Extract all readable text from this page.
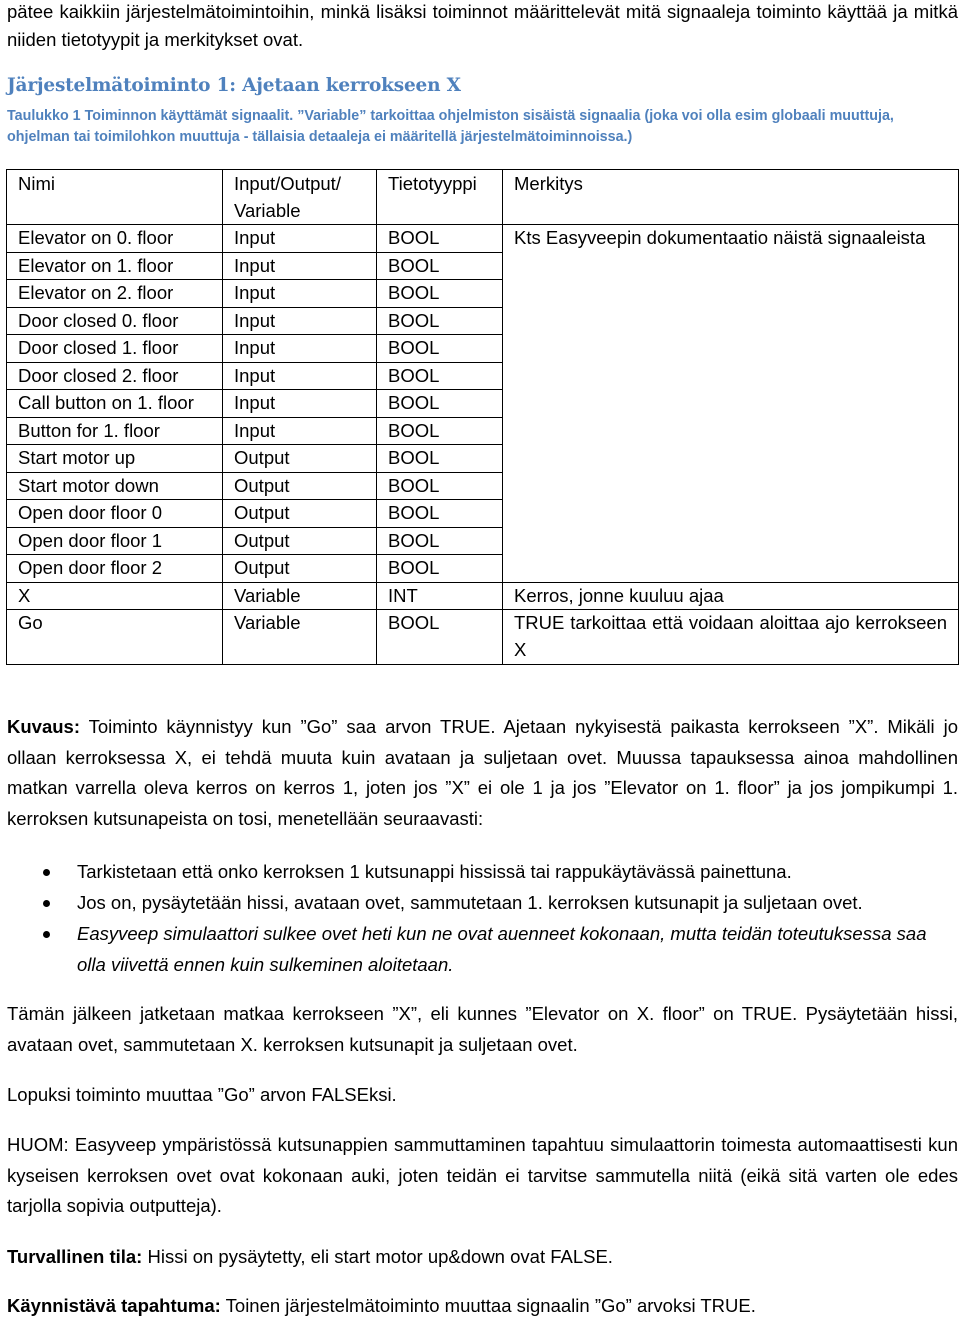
pätee kaikkiin järjestelmätoimintoihin, minkä lisäksi toiminnot määrittelevät mitä signaaleja toiminto käyttää ja mitkä niiden tietotyypit ja merkitykset ovat.
Järjestelmätoiminto 1: Ajetaan kerrokseen X
Taulukko 1 Toiminnon käyttämät signaalit. ”Variable” tarkoittaa ohjelmiston sisäistä signaalia (joka voi olla esim globaali muuttuja, ohjelman tai toimilohkon muuttuja - tällaisia detaaleja ei määritellä järjestelmätoiminnoissa.)
Nimi	Input/Output/ Variable	Tietotyyppi	Merkitys
Elevator on 0. floor	Input	BOOL	Kts Easyveepin dokumentaatio näistä signaaleista
Elevator on 1. floor	Input	BOOL	
Elevator on 2. floor	Input	BOOL	
Door closed 0. floor	Input	BOOL	
Door closed 1. floor	Input	BOOL	
Door closed 2. floor	Input	BOOL	
Call button on 1. floor	Input	BOOL	
Button for 1. floor	Input	BOOL	
Start motor up	Output	BOOL	
Start motor down	Output	BOOL	
Open door floor 0	Output	BOOL	
Open door floor 1	Output	BOOL	
Open door floor 2	Output	BOOL	
X	Variable	INT	Kerros, jonne kuuluu ajaa
Go	Variable	BOOL	TRUE tarkoittaa että voidaan aloittaa ajo kerrokseen X
Kuvaus: Toiminto käynnistyy kun ”Go” saa arvon TRUE. Ajetaan nykyisestä paikasta kerrokseen ”X”. Mikäli jo ollaan kerroksessa X, ei tehdä muuta kuin avataan ja suljetaan ovet. Muussa tapauksessa ainoa mahdollinen matkan varrella oleva kerros on kerros 1, joten jos ”X” ei ole 1 ja jos ”Elevator on 1. floor” ja jos jompikumpi 1. kerroksen kutsunapeista on tosi, menetellään seuraavasti:
Tarkistetaan että onko kerroksen 1 kutsunappi hississä tai rappukäytävässä painettuna.
Jos on, pysäytetään hissi, avataan ovet, sammutetaan 1. kerroksen kutsunapit ja suljetaan ovet.
Easyveep simulaattori sulkee ovet heti kun ne ovat auenneet kokonaan, mutta teidän toteutuksessa saa olla viivettä ennen kuin sulkeminen aloitetaan.
Tämän jälkeen jatketaan matkaa kerrokseen ”X”, eli kunnes ”Elevator on X. floor” on TRUE. Pysäytetään hissi, avataan ovet, sammutetaan X. kerroksen kutsunapit ja suljetaan ovet.
Lopuksi toiminto muuttaa ”Go” arvon FALSEksi.
HUOM: Easyveep ympäristössä kutsunappien sammuttaminen tapahtuu simulaattorin toimesta automaattisesti kun kyseisen kerroksen ovet ovat kokonaan auki, joten teidän ei tarvitse sammutella niitä (eikä sitä varten ole edes tarjolla sopivia outputteja).
Turvallinen tila: Hissi on pysäytetty, eli start motor up&down ovat FALSE.
Käynnistävä tapahtuma: Toinen järjestelmätoiminto muuttaa signaalin ”Go” arvoksi TRUE.
